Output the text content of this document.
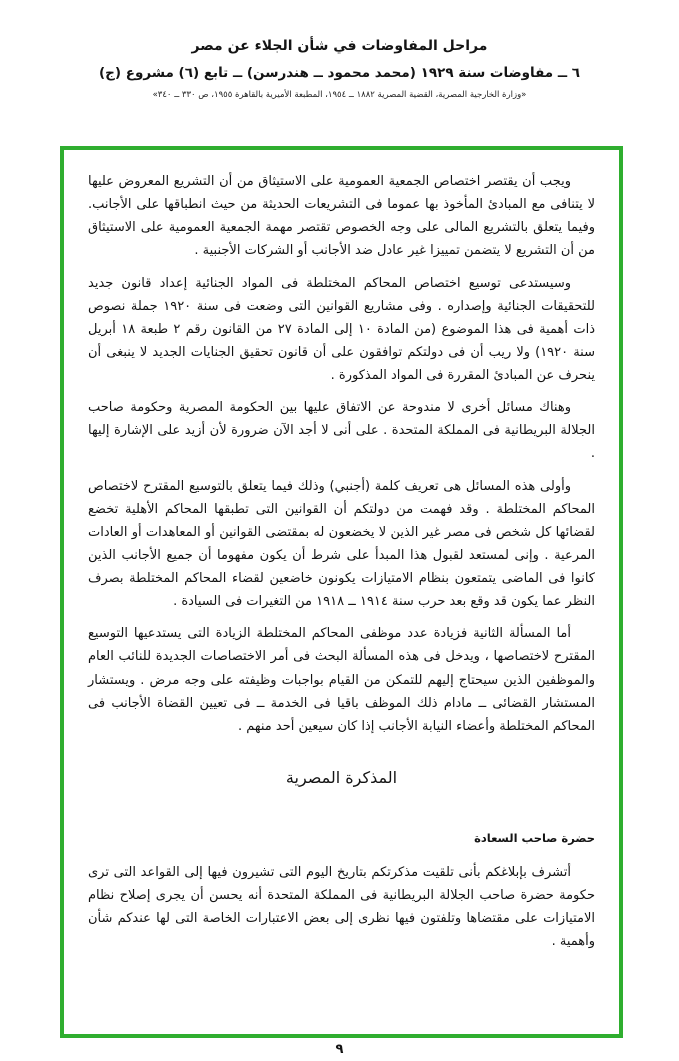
مراحل المفاوضات في شأن الجلاء عن مصر
٦ ــ مفاوضات سنة ١٩٢٩ (محمد محمود ــ هندرسن) ــ تابع (٦) مشروع (ج)
«وزارة الخارجية المصرية، القضية المصرية ١٨٨٢ ــ ١٩٥٤، المطبعة الأميرية بالقاهرة ١٩٥٥، ص ٣٣٠ ــ ٣٤٠»

ويجب أن يقتصر اختصاص الجمعية العمومية على الاستيثاق من أن التشريع المعروض عليها لا يتنافى مع المبادئ المأخوذ بها عموما فى التشريعات الحديثة من حيث انطباقها على الأجانب. وفيما يتعلق بالتشريع المالى على وجه الخصوص تقتصر مهمة الجمعية العمومية على الاستيثاق من أن التشريع لا يتضمن تمييزا غير عادل ضد الأجانب أو الشركات الأجنبية .

وسيستدعى توسيع اختصاص المحاكم المختلطة فى المواد الجنائية إعداد قانون جديد للتحقيقات الجنائية وإصداره . وفى مشاريع القوانين التى وضعت فى سنة ١٩٢٠ جملة نصوص ذات أهمية فى هذا الموضوع (من المادة ١٠ إلى المادة ٢٧ من القانون رقم ٢ طبعة ١٨ أبريل سنة ١٩٢٠) ولا ريب أن فى دولتكم توافقون على أن قانون تحقيق الجنايات الجديد لا ينبغى أن ينحرف عن المبادئ المقررة فى المواد المذكورة .

وهناك مسائل أخرى لا مندوحة عن الاتفاق عليها بين الحكومة المصرية وحكومة صاحب الجلالة البريطانية فى المملكة المتحدة . على أنى لا أجد الآن ضرورة لأن أزيد على الإشارة إليها .

وأولى هذه المسائل هى تعريف كلمة (أجنبي) وذلك فيما يتعلق بالتوسيع المقترح لاختصاص المحاكم المختلطة . وقد فهمت من دولتكم أن القوانين التى تطبقها المحاكم الأهلية تخضع لقضائها كل شخص فى مصر غير الذين لا يخضعون له بمقتضى القوانين أو المعاهدات أو العادات المرعية . وإنى لمستعد لقبول هذا المبدأ على شرط أن يكون مفهوما أن جميع الأجانب الذين كانوا فى الماضى يتمتعون بنظام الامتيازات يكونون خاضعين لقضاء المحاكم المختلطة بصرف النظر عما يكون قد وقع بعد حرب سنة ١٩١٤ ــ ١٩١٨ من التغيرات فى السيادة .

أما المسألة الثانية فزيادة عدد موظفى المحاكم المختلطة الزيادة التى يستدعيها التوسيع المقترح لاختصاصها ، ويدخل فى هذه المسألة البحث فى أمر الاختصاصات الجديدة للنائب العام والموظفين الذين سيحتاج إليهم للتمكن من القيام بواجبات وظيفته على وجه مرض . ويستشار المستشار القضائى ــ مادام ذلك الموظف باقيا فى الخدمة ــ فى تعيين القضاة الأجانب فى المحاكم المختلطة وأعضاء النيابة الأجانب إذا كان سيعين أحد منهم .

المذكرة المصرية
حضرة صاحب السعادة

أتشرف بإبلاغكم بأنى تلقيت مذكرتكم بتاريخ اليوم التى تشيرون فيها إلى القواعد التى ترى حكومة حضرة صاحب الجلالة البريطانية فى المملكة المتحدة أنه يحسن أن يجرى إصلاح نظام الامتيازات على مقتضاها وتلفتون فيها نظرى إلى بعض الاعتبارات الخاصة التى لها عندكم شأن وأهمية .

٩
